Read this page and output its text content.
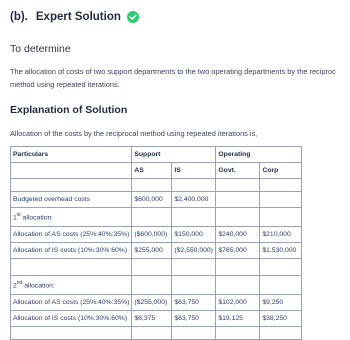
(b). Expert Solution
To determine
The allocation of costs of two support departments to the two operating departments by the reciproc
method using repeated iterations.
Explanation of Solution
Allocation of the costs by the reciprocal method using repeated iterations is,
Particulars	Support		Operating	
	AS	IS	Govt.	Corp

Budgeted overhead costs	$600,000	$2,400,000		
1st allocation:				
Allocation of AS costs (25%:40%:35%)	($600,000)	$150,000	$240,000	$210,000
Allocation of IS costs (10%:30%:60%)	$255,000	($2,550,000)	$765,000	$1,530,000

2nd allocation:				
Allocation of AS costs (25%:40%:35%)	($255,000)	$63,750	$102,000	$9,250
Allocation of IS costs (10%:30%:60%)	$6,375	$63,750	$19,125	$38,250
